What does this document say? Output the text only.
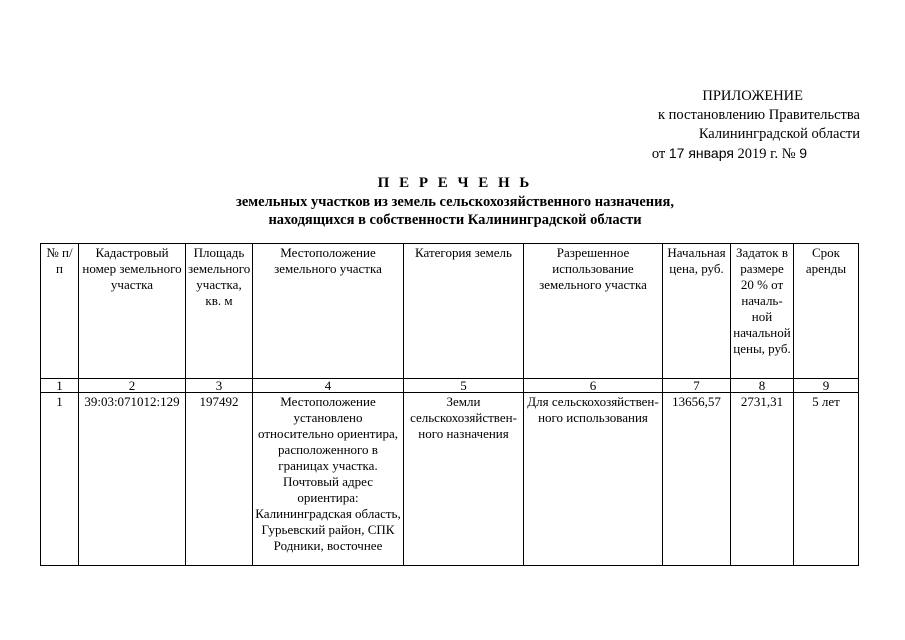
ПРИЛОЖЕНИЕ
к постановлению Правительства
Калининградской области
от 17 января 2019 г. № 9
П Е Р Е Ч Е Н Ь
земельных участков из земель сельскохозяйственного назначения,
находящихся в собственности Калининградской области
№ п/п	Кадастровый номер земельного участка	Площадь земельного участка, кв. м	Местоположение земельного участка	Категория земель	Разрешенное использование земельного участка	Начальная цена, руб.	Задаток в размере 20 % от началь-ной начальной цены, руб.	Срок аренды
1	2	3	4	5	6	7	8	9
1	39:03:071012:129	197492	Местоположение установлено относительно ориентира, расположенного в границах участка. Почтовый адрес ориентира: Калининградская область, Гурьевский район, СПК Родники, восточнее	Земли сельскохозяйствен-ного назначения	Для сельскохозяйствен-ного использования	13656,57	2731,31	5 лет
